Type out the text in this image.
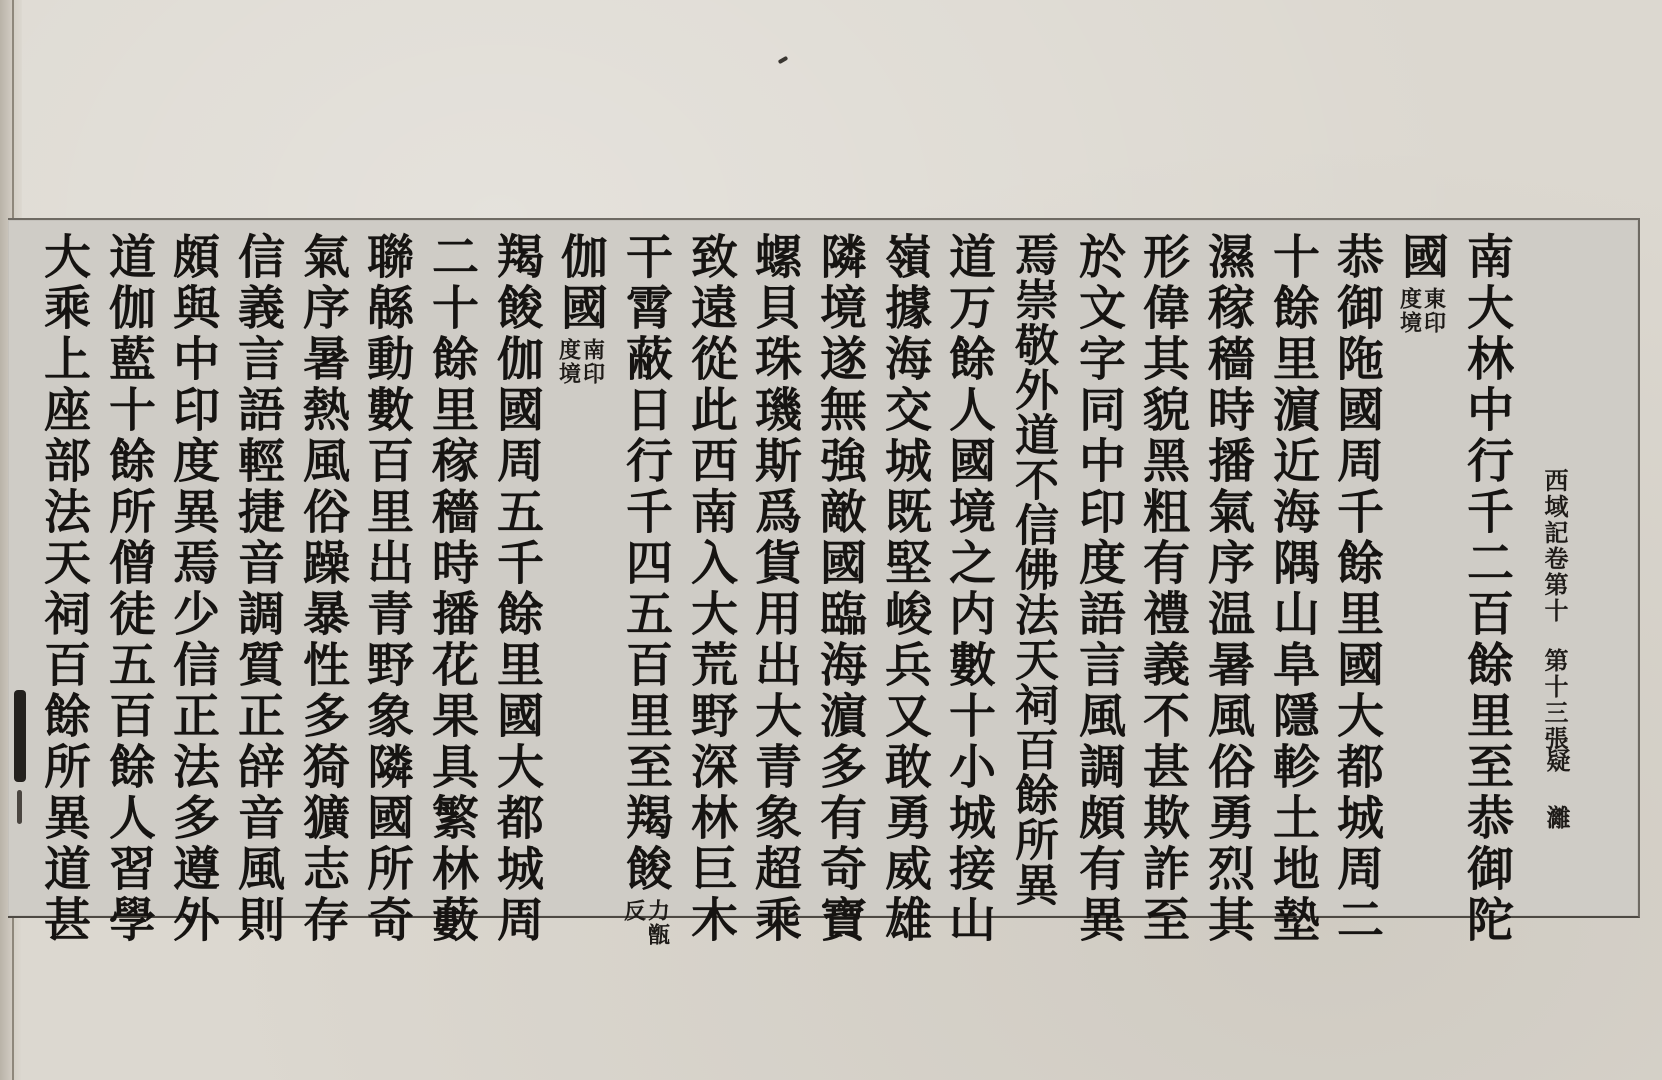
西域記卷第十
第十三張
疑 灕
南大林中行千二百餘里至恭御陀
國
東印
度境
恭御陁國周千餘里國大都城周二
十餘里濵近海隅山阜隱軫土地墊
濕稼穡時播氣序温暑風俗勇烈其
形偉其貌黑粗有禮義不甚欺詐至
於文字同中印度語言風調頗有異
焉崇敬外道不信佛法天祠百餘所異
道万餘人國境之内數十小城接山
嶺據海交城既堅峻兵又敢勇威雄
隣境遂無強敵國臨海濵多有奇寶
螺貝珠璣斯爲貨用出大青象超乘
致遠從此西南入大荒野深林巨木
干霄蔽日行千四五百里至羯餕
力甑
反
伽國
南印
度境
羯餕伽國周五千餘里國大都城周
二十餘里稼穡時播花果具繁林藪
聯緜動數百里出青野象隣國所奇
氣序暑熱風俗躁暴性多猗獷志存
信義言語輕捷音調質正辝音風則
頗與中印度異焉少信正法多遵外
道伽藍十餘所僧徒五百餘人習學
大乘上座部法天祠百餘所異道甚
